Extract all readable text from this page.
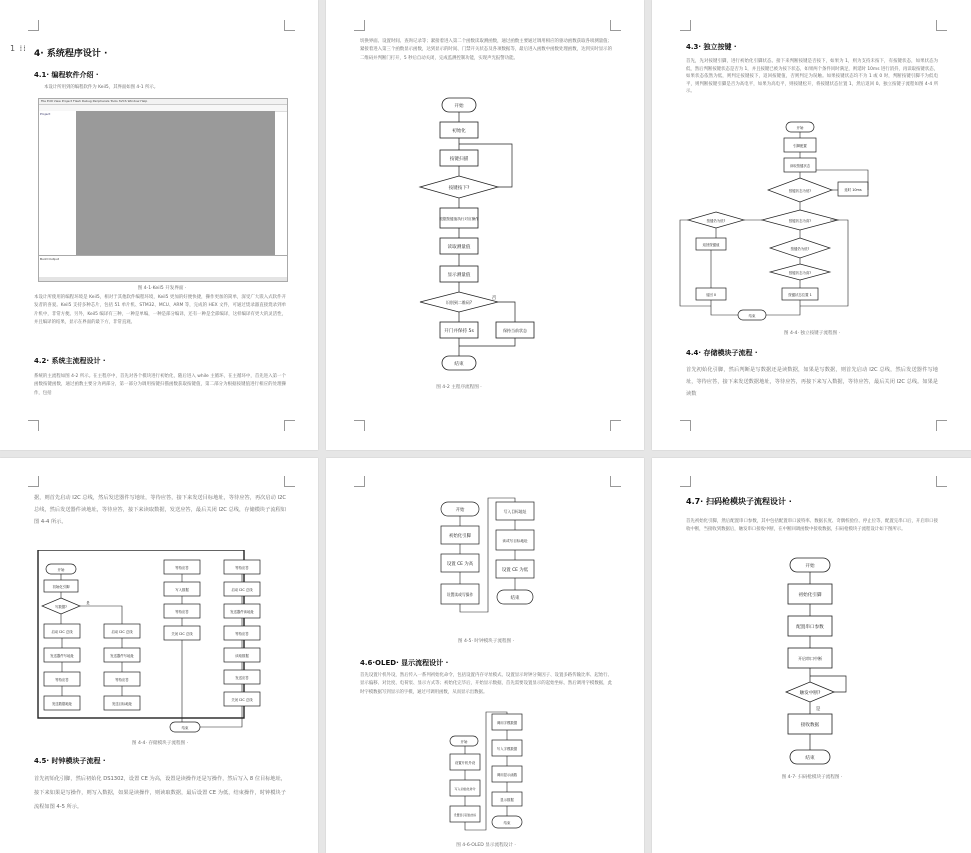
1 ⁞⁞
4· 系统程序设计 ·
4.1· 编程软件介绍 ·
本设计所用到的编程软件为 Keil5，其界面如图 4-1 所示。
File Edit View Project Flash Debug Peripherals Tools SVCS Window Help
Project
Build Output
图 4-1·Keil5 开发界面 ·
本设计所使用的编程环境是 Keil5，相对于其他软件编程环境，Keil5 更加的好便快捷，操作更加的简单，深受广大嵌入式软件开发者的喜爱。Keil5 支持多种芯片，包括 51 单片机、STM32、MCU、ARM 等，完成的 HEX 文件，可通过烧录器直接烧录到单片机中，非常方便。另外，Keil5 编译有三种，一种是单编，一种是部分编译，还有一种是全部编译，这样编译有更大的灵活性，并且编译的结果，显示在界面的最下方，非常直观。
4.2· 系统主流程设计 ·
系统的主流程如图 4-2 所示。在主程序中，首先对各个模块进行初始化，随后进入 while 主循环，在主循环中，首先进入第一个函数按键函数，通过函数主要分为两部分，第一部分为调用按键扫描函数获取按键值，第二部分为根据按键值进行相应的处理操作，包括
切换界面、设置时间、查询记录等；紧接着进入第二个函数读取测函数，通过函数主要通过调用相应的驱动函数获取各项测量值；紧接着进入第三个函数显示函数，达到显示的时间、门禁开关状态及各项数据等，最后进入函数中函数处理函数，达到实时显示的二维码并判断门打开，5 秒后自动关闭，完成监测控制功能，实现声光报警功能。
开始
初始化
按键扫描
按键按下?
根据按键值执行对应操作
读取测量值
显示测量值
识别到二维码?
开门并保持 5s	保持当前状态
否
结束
图 4-2 主程序流程图 ·
4.3· 独立按键 ·
首先，先对按键引脚，进行初始化引脚状态。接下来判断按键是否按下，如果为 1，则为支持未按下，有按键状态，如果状态为低，然后判断按键状态是否为 1，并且按键已被为按下状态，如果两个条件同时满足，则延时 10ms 进行消抖，再读取按键状态，如果状态依然为低，则判定按键按下，返回按键值，否则判定为误触。如果按键状态均不为 1 或 0 时，判断按键引脚不为低电平，则判断按键引脚是否为高电平，如果为高电平，则按键松开，将按键状态位置 1，然后返回 0。独立按键子流程如图 4-4 所示。
开始
引脚配置
读取按键状态
按键状态为低?	延时 10ms
按键状态为高?
按键仍为低?
返回按键值
按键仍为低?
按键状态为高?
返回 0	按键状态位置 1
结束
图 4-4· 独立按键子流程图 ·
4.4· 存储模块子流程 ·
首先初始化引脚，然后判断是写数据还是读数据，如果是写数据，则首先启动 I2C 总线，然后发送器件写地址，等待应答，接下来发送数据地址，等待应答，再接下来写入数据，等待应答，最后关闭 I2C 总线。如果是读数
据，则首先启动 I2C 总线，然后发送器件写地址，等待应答，接下来发送目标地址，等待应答，再次启动 I2C 总线，然后发送器件读地址，等待应答，接下来读取数据，发送应答，最后关闭 I2C 总线，存储模块子流程如图 4-4 所示。
开始
初始化引脚
写数据?
是
启动 I2C 总线
发送器件写地址
等待应答
发送数据地址
启动 I2C 总线
发送器件写地址
等待应答
发送目标地址
等待应答
写入数据
等待应答
关闭 I2C 总线
等待应答
启动 I2C 总线
发送器件读地址
等待应答
读取数据
发送应答
关闭 I2C 总线
结束
图 4-4· 存储模块子流程图 ·
4.5· 时钟模块子流程 ·
首先初始化引脚，然后初始化 DS1302，设置 CE 为高，设置是读操作还是写操作，然后写入 8 位目标地址，接下来如果是写操作，则写入数据，如果是读操作，则读取数据，最后设置 CE 为低，结束操作，时钟模块子流程如图 4-5 所示。
开始
初始化引脚
设置 CE 为高
设置读或写操作
写入目标地址
读或写目标地址
设置 CE 为低
结束
图 4-5· 时钟模块子流程图 ·
4.6·OLED· 显示流程设计 ·
首先设置片机外设，然后传入一系列初始化命令，包括设置内存寻址模式、设置显示时钟分频因子、设置多路传输比率、起始行、显示偏移、对比度、电荷泵、显示方式等；初始化完毕后，开始显示数据，首先需要设置显示的起始坐标，然后调用字模数据，此时字模数据写到显示的字模，通过可调用函数，从而显示出数据。
开始
设置片机外设
写入初始化命令
设置显示起始坐标
调用字模数据
写入字模数据
调用显示函数
显示数据
结束
图 4-6·OLED 显示流程设计 ·
4.7· 扫码枪模块子流程设计 ·
首先初始化引脚，然后配置串口参数，其中包括配置串口波特率、数据长度、奇偶校验位、停止位等，配置完串口后，开启串口接收中断，当接收到数据后，触发串口接收中断，在中断回调函数中接收数据，扫码枪模块子流程设计如下图所示。
开始
初始化引脚
配置串口参数
开启串口中断
触发中断?
是
接收数据
结束
图 4-7· 扫码枪模块子流程图 ·
